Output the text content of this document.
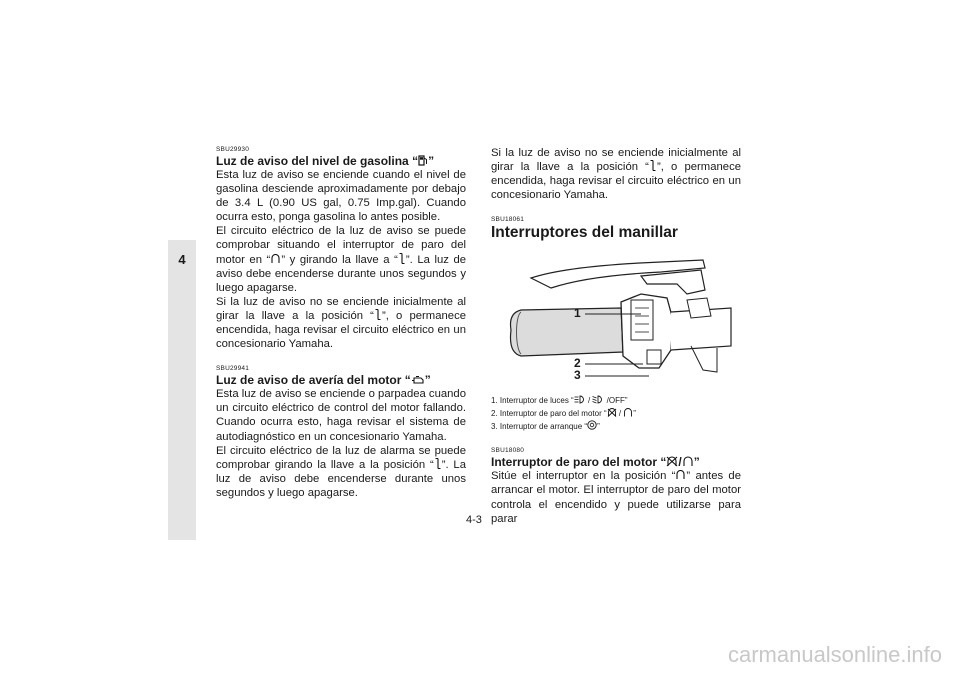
4
SBU29930
Luz de aviso del nivel de gasolina “ ”

Esta luz de aviso se enciende cuando el nivel de gasolina desciende aproximadamente por debajo de 3.4 L (0.90 US gal, 0.75 Imp.gal). Cuando ocurra esto, ponga gasolina lo antes posible.

El circuito eléctrico de la luz de aviso se puede comprobar situando el interruptor de paro del motor en “ ” y girando la llave a “ ”. La luz de aviso debe encenderse durante unos segundos y luego apagarse.

Si la luz de aviso no se enciende inicialmente al girar la llave a la posición “ ”, o permanece encendida, haga revisar el circuito eléctrico en un concesionario Yamaha.

SBU29941
Luz de aviso de avería del motor “ ”

Esta luz de aviso se enciende o parpadea cuando un circuito eléctrico de control del motor fallando. Cuando ocurra esto, haga revisar el sistema de autodiagnóstico en un concesionario Yamaha.

El circuito eléctrico de la luz de alarma se puede comprobar girando la llave a la posición “ ”. La luz de aviso debe encenderse durante unos segundos y luego apagarse.

Si la luz de aviso no se enciende inicialmente al girar la llave a la posición “ ”, o permanece encendida, haga revisar el circuito eléctrico en un concesionario Yamaha.

SBU18061
Interruptores del manillar
1
2
3
1. Interruptor de luces “ /  /OFF”
2. Interruptor de paro del motor “ / ”
3. Interruptor de arranque “ ”
SBU18080
Interruptor de paro del motor “ / ”

Sitúe el interruptor en la posición “ ” antes de arrancar el motor. El interruptor de paro del motor controla el encendido y puede utilizarse para parar

4-3
carmanualsonline.info
